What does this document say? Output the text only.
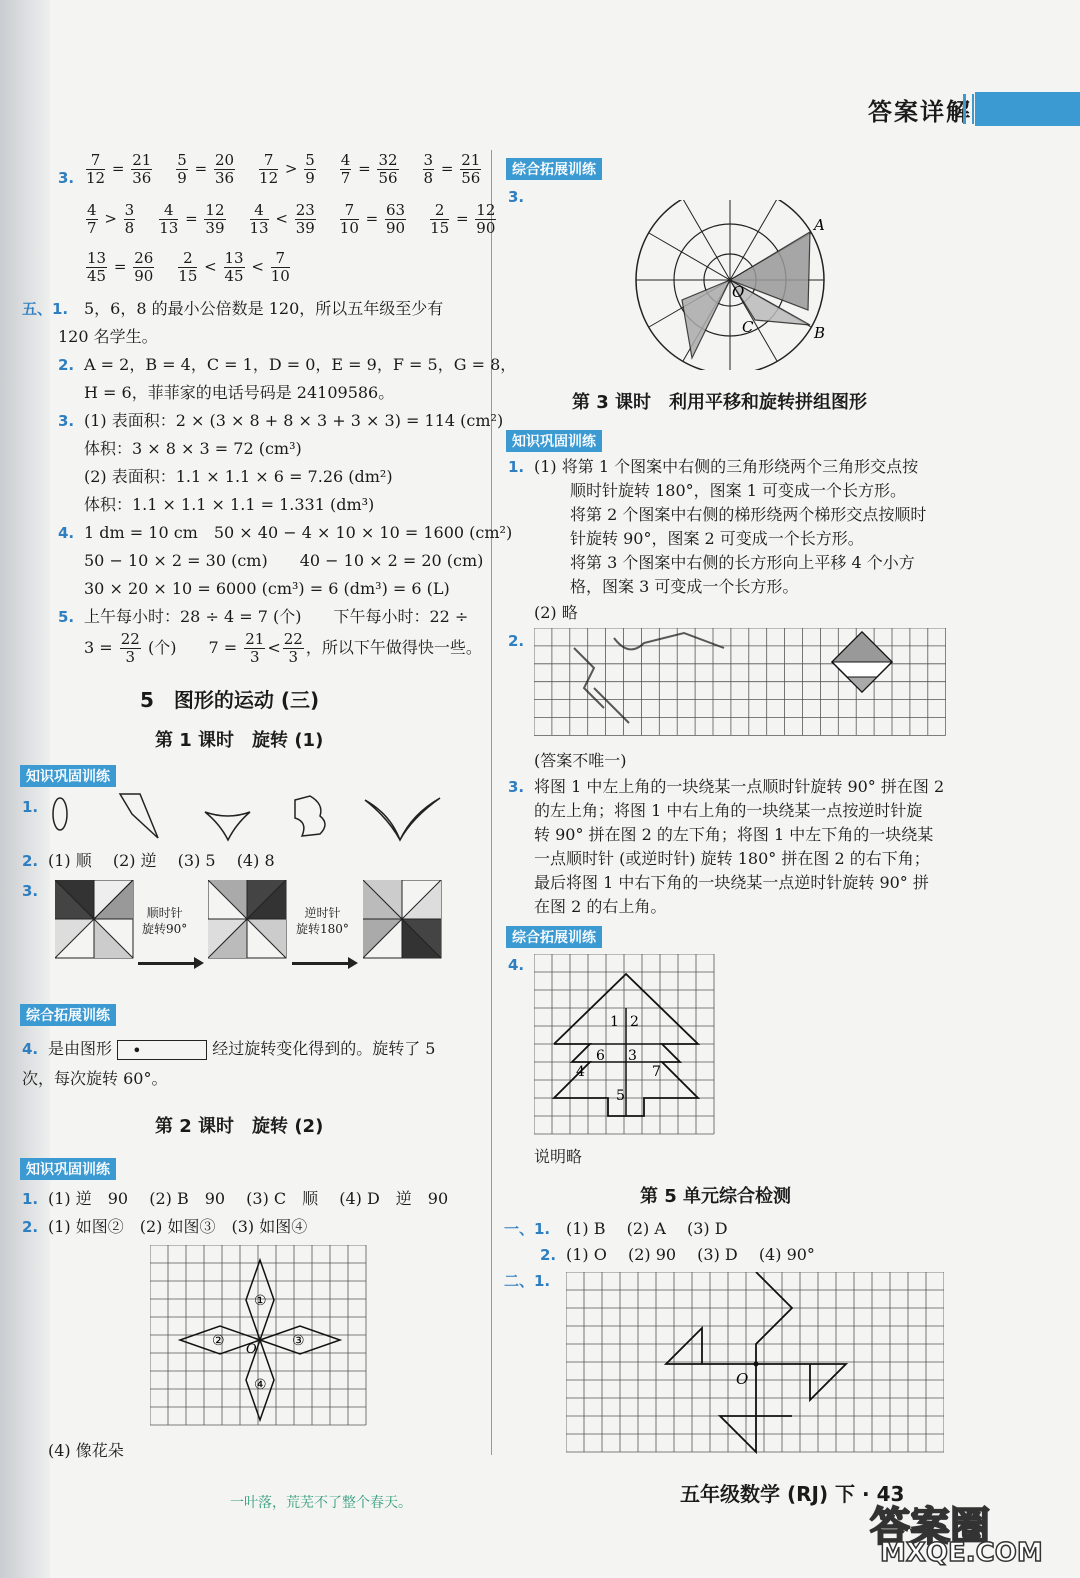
答案详解
3. $\frac{7}{12} = \frac{21}{36} \frac{5}{9} = \frac{20}{36} \frac{7}{12} > \frac{5}{9} \frac{4}{7} = \frac{32}{56} \frac{3}{8} = \frac{21}{56}$
$\frac{4}{7} > \frac{3}{8} \frac{4}{13} = \frac{12}{39} \frac{4}{13} < \frac{23}{39} \frac{7}{10} = \frac{63}{90} \frac{2}{15} = \frac{12}{90}$
$\frac{13}{45} = \frac{26}{90} \frac{2}{15} < \frac{13}{45} < \frac{7}{10}$
五、1. 5，6，8 的最小公倍数是 120，所以五年级至少有
120 名学生。
2. A = 2，B = 4，C = 1，D = 0，E = 9，F = 5，G = 8，
H = 6，菲菲家的电话号码是 24109586。
3. (1) 表面积：2 × (3 × 8 + 8 × 3 + 3 × 3) = 114 (cm²)
体积：3 × 8 × 3 = 72 (cm³)
(2) 表面积：1.1 × 1.1 × 6 = 7.26 (dm²)
体积：1.1 × 1.1 × 1.1 = 1.331 (dm³)
4. 1 dm = 10 cm　50 × 40 − 4 × 10 × 10 = 1600 (cm²)
50 − 10 × 2 = 30 (cm)　　40 − 10 × 2 = 20 (cm)
30 × 20 × 10 = 6000 (cm³) = 6 (dm³) = 6 (L)
5. 上午每小时：28 ÷ 4 = 7 (个)　　下午每小时：22 ÷
$3 = \frac{22}{3}$ (个)　　$7 = \frac{21}{3} < \frac{22}{3}$ ，所以下午做得快一些。
5　图形的运动 (三)
第 1 课时　旋转 (1)
知识巩固训练
1.
2. (1) 顺　 (2) 逆　 (3) 5　 (4) 8
3.
顺时针
旋转90°
逆时针
旋转180°
综合拓展训练
4. 是由图形 •	经过旋转变化得到的。旋转了 5
次，每次旋转 60°。
第 2 课时　旋转 (2)
知识巩固训练
1. (1) 逆　90　 (2) B　90　 (3) C　顺　 (4) D　逆　90
2. (1) 如图②　(2) 如图③　(3) 如图④
①
②	③
④
O
(4) 像花朵
综合拓展训练
3.
A
B
C
O
第 3 课时　利用平移和旋转拼组图形
知识巩固训练
1. (1) 将第 1 个图案中右侧的三角形绕两个三角形交点按
顺时针旋转 180°，图案 1 可变成一个长方形。
将第 2 个图案中右侧的梯形绕两个梯形交点按顺时
针旋转 90°，图案 2 可变成一个长方形。
将第 3 个图案中右侧的长方形向上平移 4 个小方
格，图案 3 可变成一个长方形。
(2) 略
2.
(答案不唯一)
3. 将图 1 中左上角的一块绕某一点顺时针旋转 90° 拼在图 2
的左上角；将图 1 中右上角的一块绕某一点按逆时针旋
转 90° 拼在图 2 的左下角；将图 1 中左下角的一块绕某
一点顺时针 (或逆时针) 旋转 180° 拼在图 2 的右下角；
最后将图 1 中右下角的一块绕某一点逆时针旋转 90° 拼
在图 2 的右上角。
综合拓展训练
4.
1 2
3
4
5
6
7
说明略
第 5 单元综合检测
一、1. (1) B　 (2) A　 (3) D
2. (1) O　 (2) 90　 (3) D　 (4) 90°
二、1.
O
一叶落，荒芜不了整个春天。	五年级数学 (RJ) 下 · 43
答案圈
MXQE.COM
